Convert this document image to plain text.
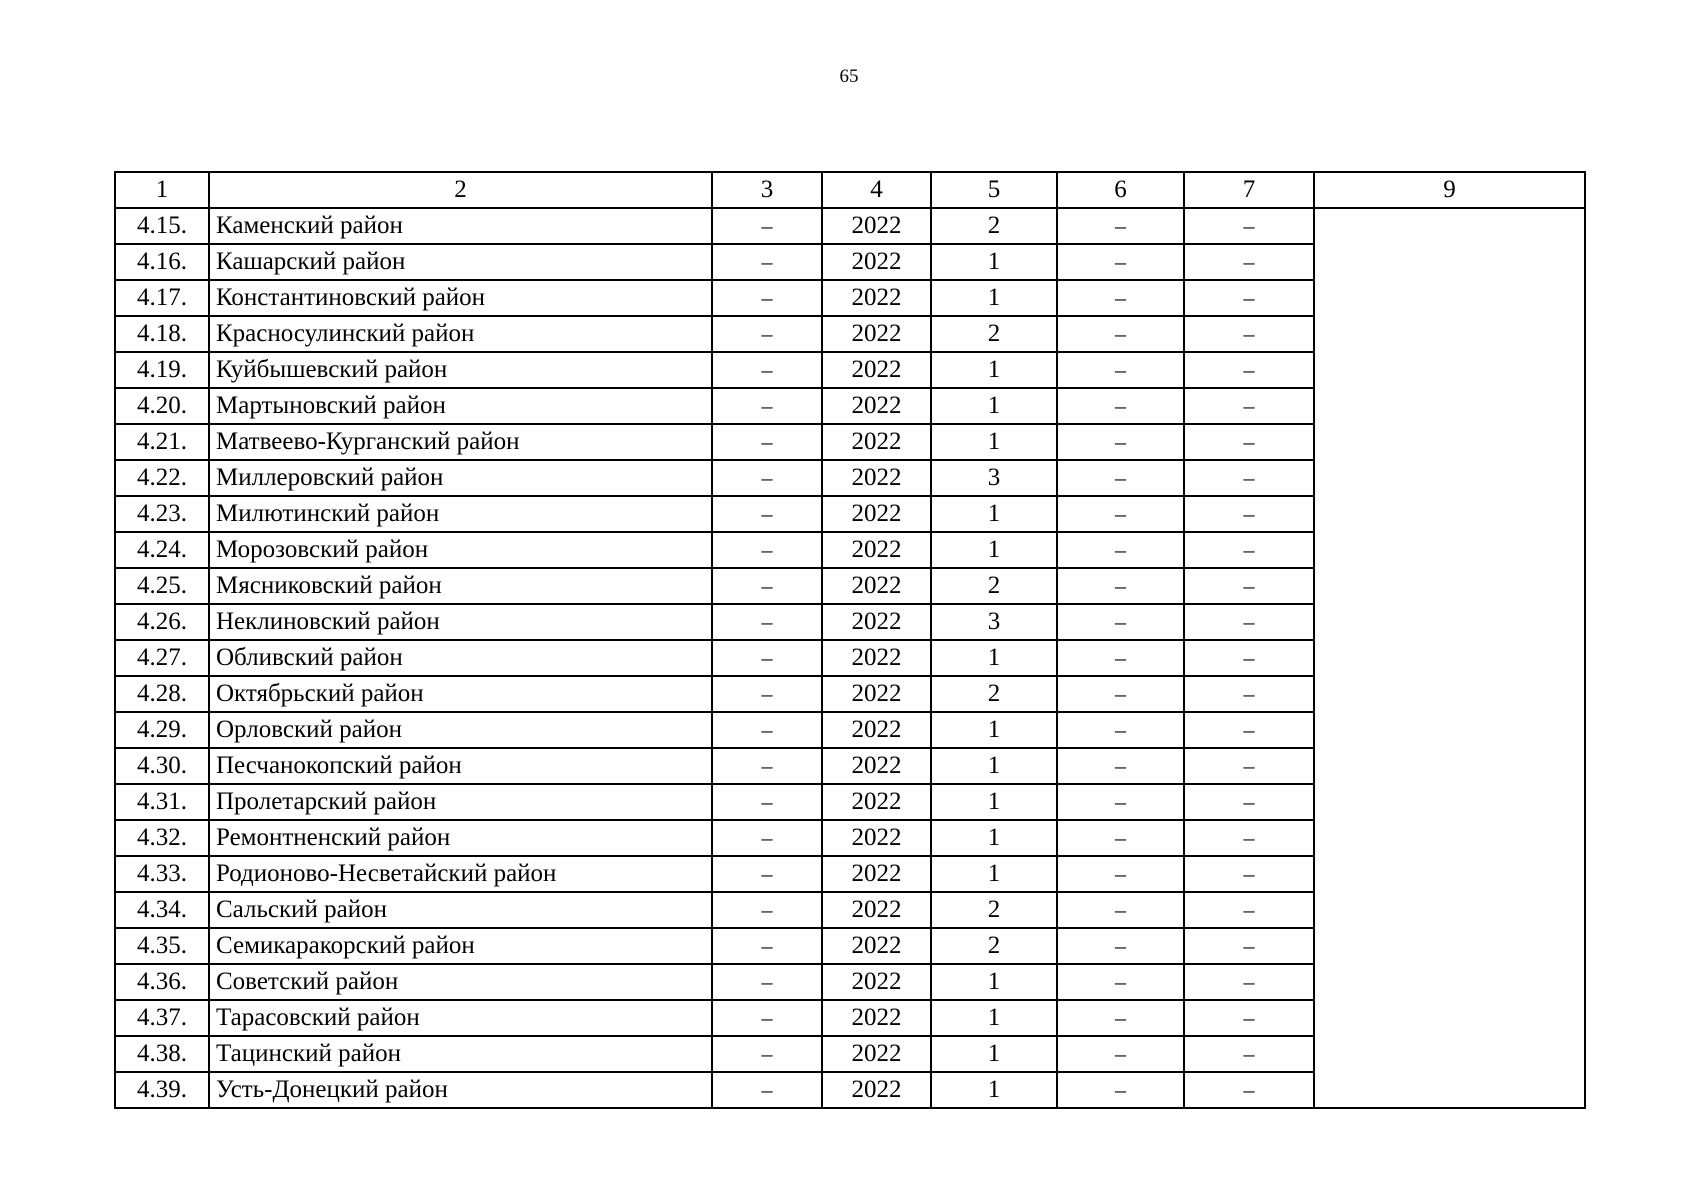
65
1	2	3	4	5	6	7	9
4.15.	Каменский район	–	2022	2	–	–	
4.16.	Кашарский район	–	2022	1	–	–	
4.17.	Константиновский район	–	2022	1	–	–	
4.18.	Красносулинский район	–	2022	2	–	–	
4.19.	Куйбышевский район	–	2022	1	–	–	
4.20.	Мартыновский район	–	2022	1	–	–	
4.21.	Матвеево-Курганский район	–	2022	1	–	–	
4.22.	Миллеровский район	–	2022	3	–	–	
4.23.	Милютинский район	–	2022	1	–	–	
4.24.	Морозовский район	–	2022	1	–	–	
4.25.	Мясниковский район	–	2022	2	–	–	
4.26.	Неклиновский район	–	2022	3	–	–	
4.27.	Обливский район	–	2022	1	–	–	
4.28.	Октябрьский район	–	2022	2	–	–	
4.29.	Орловский район	–	2022	1	–	–	
4.30.	Песчанокопский район	–	2022	1	–	–	
4.31.	Пролетарский район	–	2022	1	–	–	
4.32.	Ремонтненский район	–	2022	1	–	–	
4.33.	Родионово-Несветайский район	–	2022	1	–	–	
4.34.	Сальский район	–	2022	2	–	–	
4.35.	Семикаракорский район	–	2022	2	–	–	
4.36.	Советский район	–	2022	1	–	–	
4.37.	Тарасовский район	–	2022	1	–	–	
4.38.	Тацинский район	–	2022	1	–	–	
4.39.	Усть-Донецкий район	–	2022	1	–	–	
